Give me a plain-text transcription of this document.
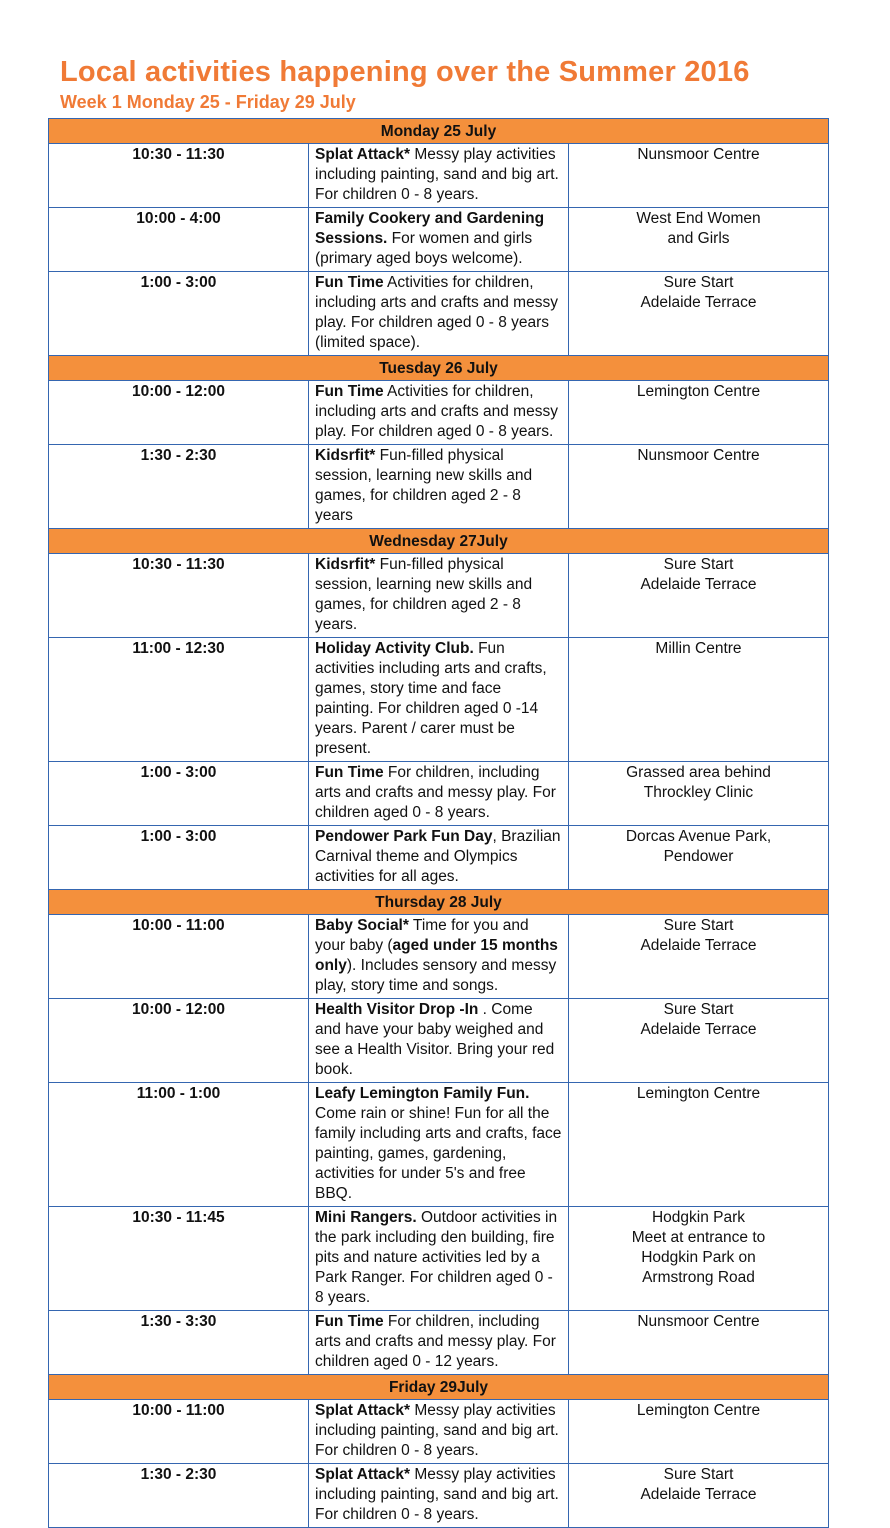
Local activities happening over the Summer 2016
Week 1 Monday 25 - Friday 29 July
Monday 25 July		
10:30 - 11:30	Splat Attack* Messy play activities including painting, sand and big art. For children 0 - 8 years.	Nunsmoor Centre

10:00 - 4:00	Family Cookery and Gardening Sessions. For women and girls (primary aged boys welcome).	West End Women
and Girls

1:00 - 3:00	Fun Time Activities for children, including arts and crafts and messy play. For children aged 0 - 8 years (limited space).	Sure Start
Adelaide Terrace

Tuesday 26 July		
10:00 - 12:00	Fun Time Activities for children, including arts and crafts and messy play. For children aged 0 - 8 years.	Lemington Centre

1:30 - 2:30	Kidsrfit* Fun-filled physical session, learning new skills and games, for children aged 2 - 8 years	Nunsmoor Centre

Wednesday 27July		
10:30 - 11:30	Kidsrfit* Fun-filled physical session, learning new skills and games, for children aged 2 - 8 years.	Sure Start
Adelaide Terrace

11:00 - 12:30	Holiday Activity Club. Fun activities including arts and crafts, games, story time and face painting. For children aged 0 -14 years. Parent / carer must be present.	Millin Centre

1:00 - 3:00	Fun Time For children, including arts and crafts and messy play. For children aged 0 - 8 years.	Grassed area behind
Throckley Clinic

1:00 - 3:00	Pendower Park Fun Day, Brazilian Carnival theme and Olympics activities for all ages.	Dorcas Avenue Park,
Pendower

Thursday 28 July		
10:00 - 11:00	Baby Social* Time for you and your baby (aged under 15 months only). Includes sensory and messy play, story time and songs.	Sure Start
Adelaide Terrace

10:00 - 12:00	Health Visitor Drop -In . Come and have your baby weighed and see a Health Visitor. Bring your red book.	Sure Start
Adelaide Terrace

11:00 - 1:00	Leafy Lemington Family Fun. Come rain or shine! Fun for all the family including arts and crafts, face painting, games, gardening, activities for under 5's and free BBQ.	Lemington Centre

10:30 - 11:45	Mini Rangers. Outdoor activities in the park including den building, fire pits and nature activities led by a Park Ranger. For children aged 0 - 8 years.	Hodgkin Park
Meet at entrance to
Hodgkin Park on
Armstrong Road

1:30 - 3:30	Fun Time For children, including arts and crafts and messy play. For children aged 0 - 12 years.	Nunsmoor Centre

Friday 29July		
10:00 - 11:00	Splat Attack* Messy play activities including painting, sand and big art. For children 0 - 8 years.	Lemington Centre

1:30 - 2:30	Splat Attack* Messy play activities including painting, sand and big art. For children 0 - 8 years.	Sure Start
Adelaide Terrace
